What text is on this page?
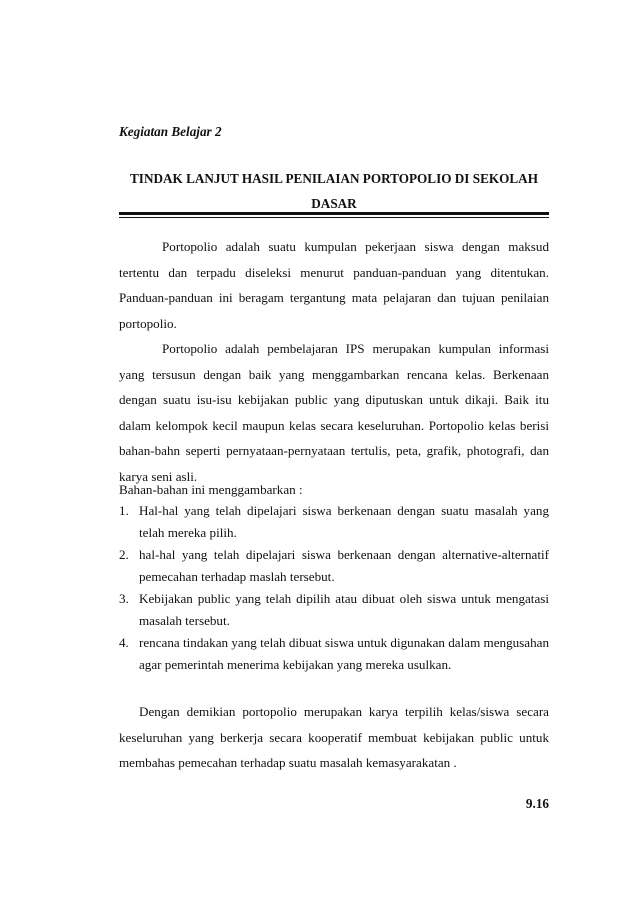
Kegiatan Belajar 2
TINDAK LANJUT HASIL PENILAIAN PORTOPOLIO DI SEKOLAH
DASAR

Portopolio adalah suatu kumpulan pekerjaan siswa dengan maksud tertentu dan terpadu diseleksi menurut panduan-panduan yang ditentukan. Panduan-panduan ini beragam tergantung mata pelajaran dan tujuan penilaian portopolio.

Portopolio adalah pembelajaran IPS merupakan kumpulan informasi yang tersusun dengan baik yang menggambarkan rencana kelas. Berkenaan dengan suatu isu-isu kebijakan public yang diputuskan untuk dikaji. Baik itu dalam kelompok kecil maupun kelas secara keseluruhan. Portopolio kelas berisi bahan-bahn seperti pernyataan-pernyataan tertulis, peta, grafik, photografi, dan karya seni asli.

Bahan-bahan ini menggambarkan :

1. Hal-hal yang telah dipelajari siswa berkenaan dengan suatu masalah yang telah mereka pilih.
2. hal-hal yang telah dipelajari siswa berkenaan dengan alternative-alternatif pemecahan terhadap maslah tersebut.
3. Kebijakan public yang telah dipilih atau dibuat oleh siswa untuk mengatasi masalah tersebut.
4. rencana tindakan yang telah dibuat siswa untuk digunakan dalam mengusahan agar pemerintah menerima kebijakan yang mereka usulkan.

Dengan demikian portopolio merupakan karya terpilih kelas/siswa secara keseluruhan yang berkerja secara kooperatif membuat kebijakan public untuk membahas pemecahan terhadap suatu masalah kemasyarakatan .

9.16
